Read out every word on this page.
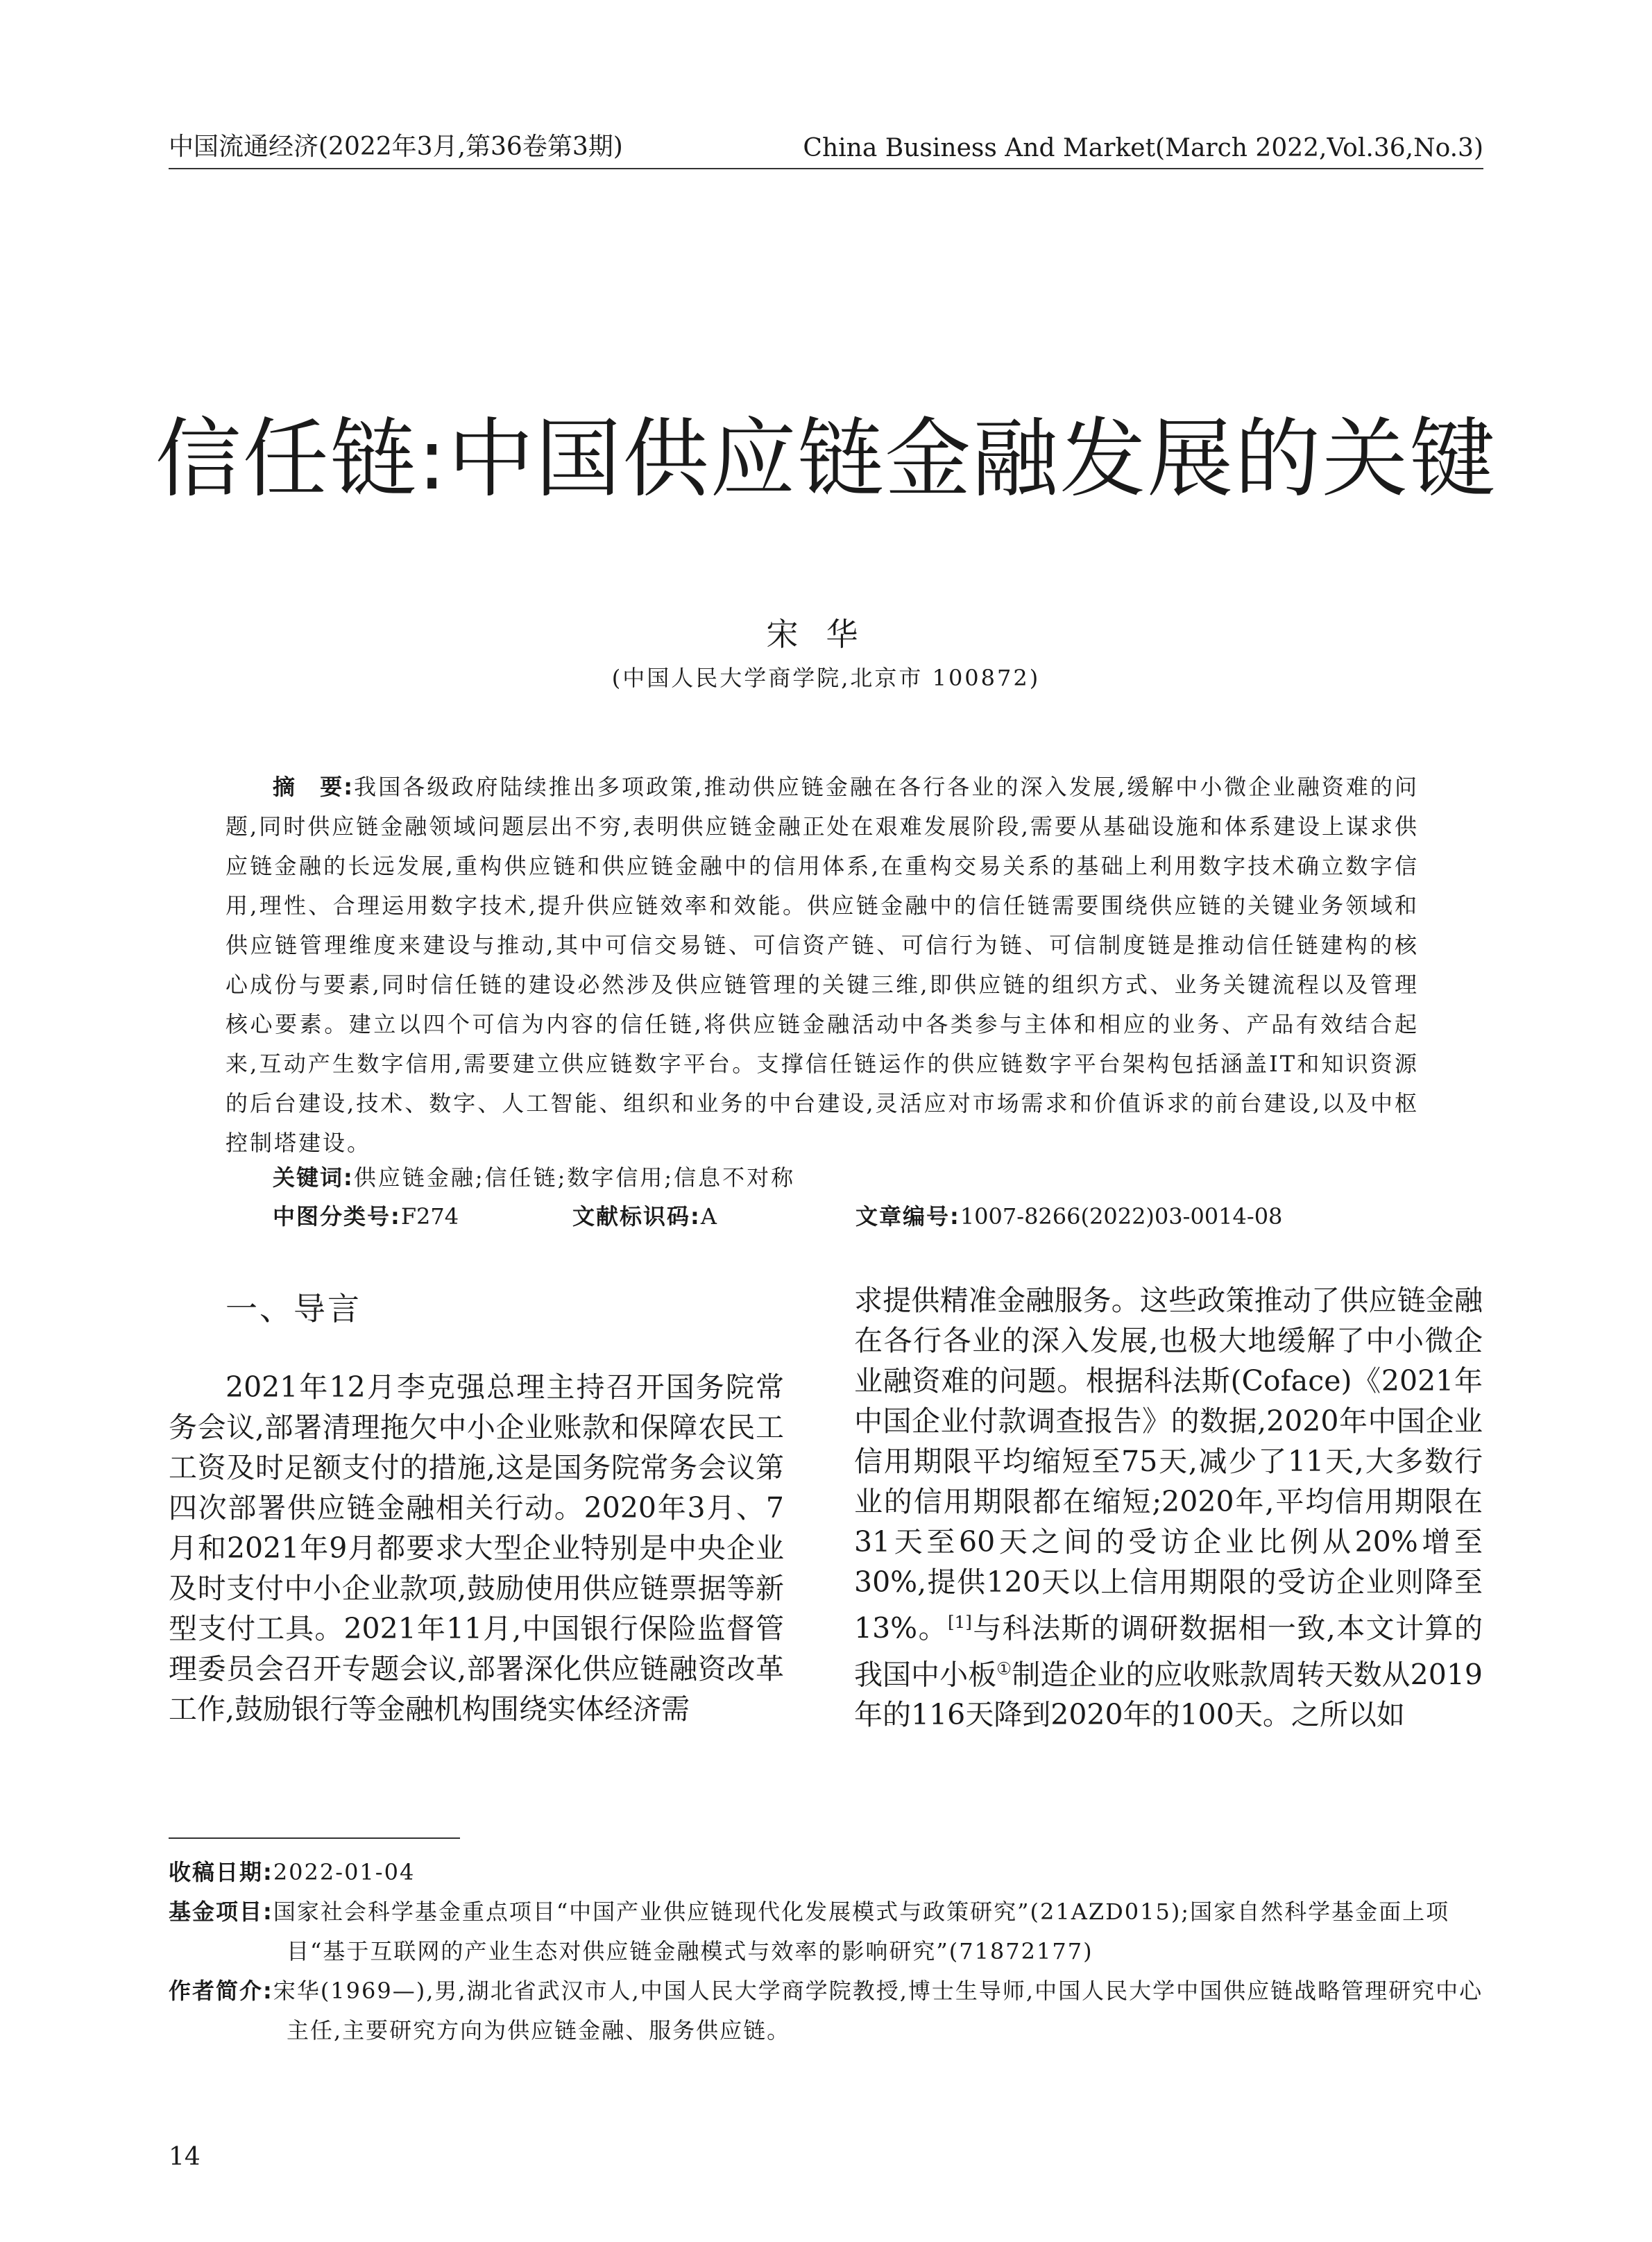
中国流通经济(2022年3月,第36卷第3期)	China Business And Market(March 2022,Vol.36,No.3)
信任链:中国供应链金融发展的关键
宋华
(中国人民大学商学院,北京市 100872)
摘　要:我国各级政府陆续推出多项政策,推动供应链金融在各行各业的深入发展,缓解中小微企业融资难的问题,同时供应链金融领域问题层出不穷,表明供应链金融正处在艰难发展阶段,需要从基础设施和体系建设上谋求供应链金融的长远发展,重构供应链和供应链金融中的信用体系,在重构交易关系的基础上利用数字技术确立数字信用,理性、合理运用数字技术,提升供应链效率和效能。供应链金融中的信任链需要围绕供应链的关键业务领域和供应链管理维度来建设与推动,其中可信交易链、可信资产链、可信行为链、可信制度链是推动信任链建构的核心成份与要素,同时信任链的建设必然涉及供应链管理的关键三维,即供应链的组织方式、业务关键流程以及管理核心要素。建立以四个可信为内容的信任链,将供应链金融活动中各类参与主体和相应的业务、产品有效结合起来,互动产生数字信用,需要建立供应链数字平台。支撑信任链运作的供应链数字平台架构包括涵盖IT和知识资源的后台建设,技术、数字、人工智能、组织和业务的中台建设,灵活应对市场需求和价值诉求的前台建设,以及中枢控制塔建设。
关键词:供应链金融;信任链;数字信用;信息不对称
中图分类号:F274	文献标识码:A	文章编号:1007-8266(2022)03-0014-08
一、导言

2021年12月李克强总理主持召开国务院常务会议,部署清理拖欠中小企业账款和保障农民工工资及时足额支付的措施,这是国务院常务会议第四次部署供应链金融相关行动。2020年3月、7月和2021年9月都要求大型企业特别是中央企业及时支付中小企业款项,鼓励使用供应链票据等新型支付工具。2021年11月,中国银行保险监督管理委员会召开专题会议,部署深化供应链融资改革工作,鼓励银行等金融机构围绕实体经济需

求提供精准金融服务。这些政策推动了供应链金融在各行各业的深入发展,也极大地缓解了中小微企业融资难的问题。根据科法斯(Coface)《2021年中国企业付款调查报告》的数据,2020年中国企业信用期限平均缩短至75天,减少了11天,大多数行业的信用期限都在缩短;2020年,平均信用期限在31天至60天之间的受访企业比例从20%增至30%,提供120天以上信用期限的受访企业则降至13%。[1]与科法斯的调研数据相一致,本文计算的我国中小板①制造企业的应收账款周转天数从2019年的116天降到2020年的100天。之所以如

收稿日期:2022-01-04
基金项目:国家社会科学基金重点项目“中国产业供应链现代化发展模式与政策研究”(21AZD015);国家自然科学基金面上项目“基于互联网的产业生态对供应链金融模式与效率的影响研究”(71872177)
作者简介:宋华(1969—),男,湖北省武汉市人,中国人民大学商学院教授,博士生导师,中国人民大学中国供应链战略管理研究中心主任,主要研究方向为供应链金融、服务供应链。
14
